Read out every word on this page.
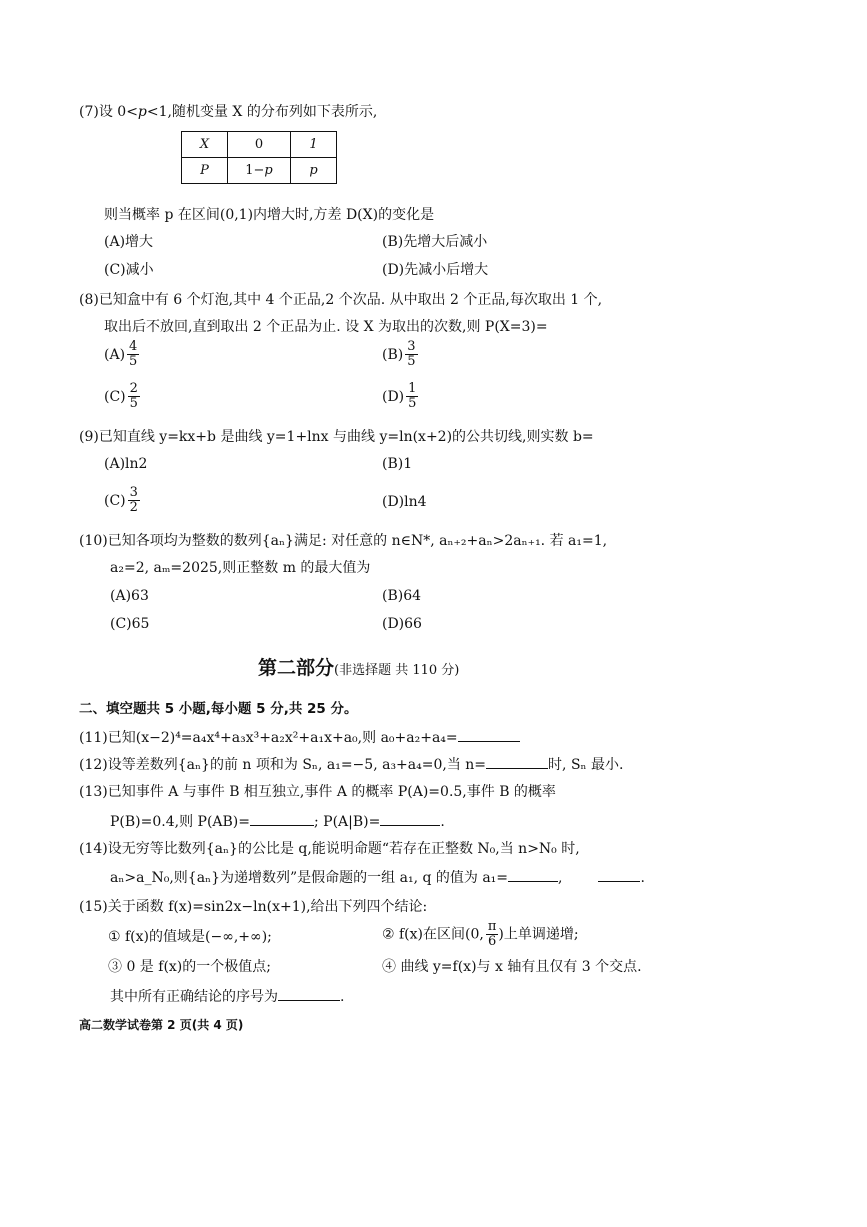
(7)设 0<p<1,随机变量 X 的分布列如下表所示,
X	0	1
P	1−p	p
则当概率 p 在区间(0,1)内增大时,方差 D(X)的变化是
(A)增大	(B)先增大后减小
(C)减小	(D)先减小后增大
(8)已知盒中有 6 个灯泡,其中 4 个正品,2 个次品. 从中取出 2 个正品,每次取出 1 个,
取出后不放回,直到取出 2 个正品为止. 设 X 为取出的次数,则 P(X=3)=
$(A) \frac{4}{5}$	$(B) \frac{3}{5}$
$(C) \frac{2}{5}$	$(D) \frac{1}{5}$
(9)已知直线 y=kx+b 是曲线 y=1+lnx 与曲线 y=ln(x+2)的公共切线,则实数 b=
(A)ln2	(B)1
$(C) \frac{3}{2}$	(D)ln4
(10)已知各项均为整数的数列{aₙ}满足: 对任意的 n∈N*, aₙ₊₂+aₙ>2aₙ₊₁. 若 a₁=1,
a₂=2, aₘ=2025,则正整数 m 的最大值为
(A)63	(B)64
(C)65	(D)66
第二部分(非选择题 共 110 分)
二、填空题共 5 小题,每小题 5 分,共 25 分。
(11)已知(x−2)⁴=a₄x⁴+a₃x³+a₂x²+a₁x+a₀,则 a₀+a₂+a₄=
(12)设等差数列{aₙ}的前 n 项和为 Sₙ, a₁=−5, a₃+a₄=0,当 n=	时, Sₙ 最小.
(13)已知事件 A 与事件 B 相互独立,事件 A 的概率 P(A)=0.5,事件 B 的概率
P(B)=0.4,则 P(AB)=	; P(A|B)=	.
(14)设无穷等比数列{aₙ}的公比是 q,能说明命题“若存在正整数 N₀,当 n>N₀ 时,
aₙ>a_N₀,则{aₙ}为递增数列”是假命题的一组 a₁, q 的值为 a₁=	,	.
(15)关于函数 f(x)=sin2x−ln(x+1),给出下列四个结论:
① f(x)的值域是(−∞,+∞);	② f(x)在区间(0, $\frac{\pi}{6}$ )上单调递增;
③ 0 是 f(x)的一个极值点;	④ 曲线 y=f(x)与 x 轴有且仅有 3 个交点.
其中所有正确结论的序号为	.
高二数学试卷第 2 页(共 4 页)
